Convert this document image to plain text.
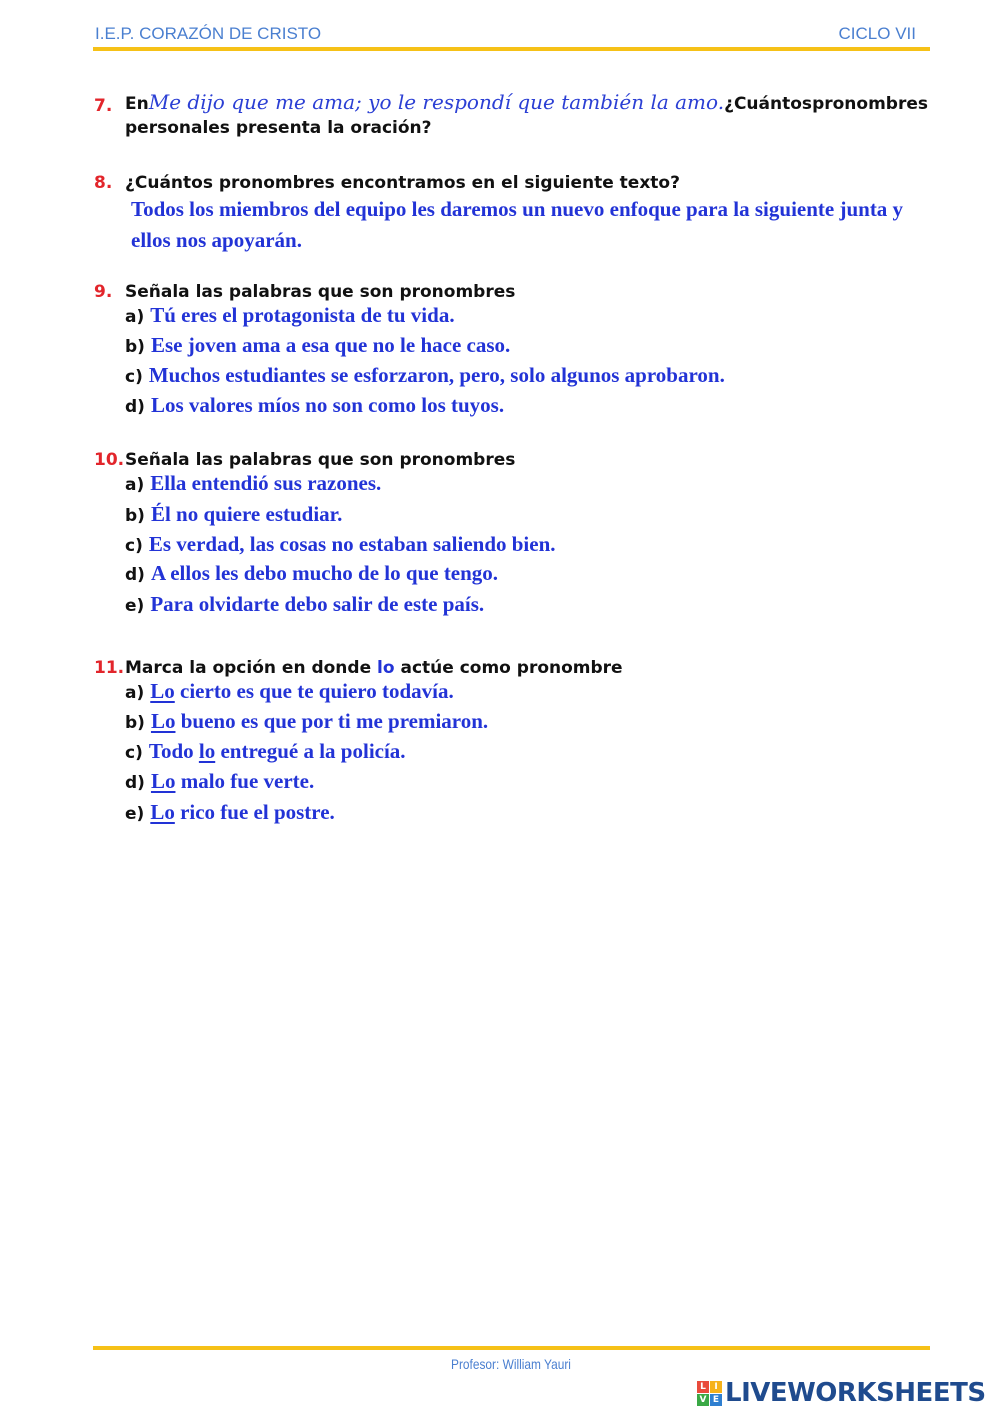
I.E.P. CORAZÓN DE CRISTO	CICLO VII
7. En Me dijo que me ama; yo le respondí que también la amo. ¿Cuántos pronombres
personales presenta la oración?
8. ¿Cuántos pronombres encontramos en el siguiente texto?
Todos los miembros del equipo les daremos un nuevo enfoque para la siguiente junta y ellos nos apoyarán.
9. Señala las palabras que son pronombres
a) Tú eres el protagonista de tu vida.
b) Ese joven ama a esa que no le hace caso.
c) Muchos estudiantes se esforzaron, pero, solo algunos aprobaron.
d) Los valores míos no son como los tuyos.
10. Señala las palabras que son pronombres
a) Ella entendió sus razones.
b) Él no quiere estudiar.
c) Es verdad, las cosas no estaban saliendo bien.
d) A ellos les debo mucho de lo que tengo.
e) Para olvidarte debo salir de este país.
11. Marca la opción en donde lo actúe como pronombre
a) Lo cierto es que te quiero todavía.
b) Lo bueno es que por ti me premiaron.
c) Todo lo entregué a la policía.
d) Lo malo fue verte.
e) Lo rico fue el postre.
Profesor: William Yauri
L I
V E LIVEWORKSHEETS
